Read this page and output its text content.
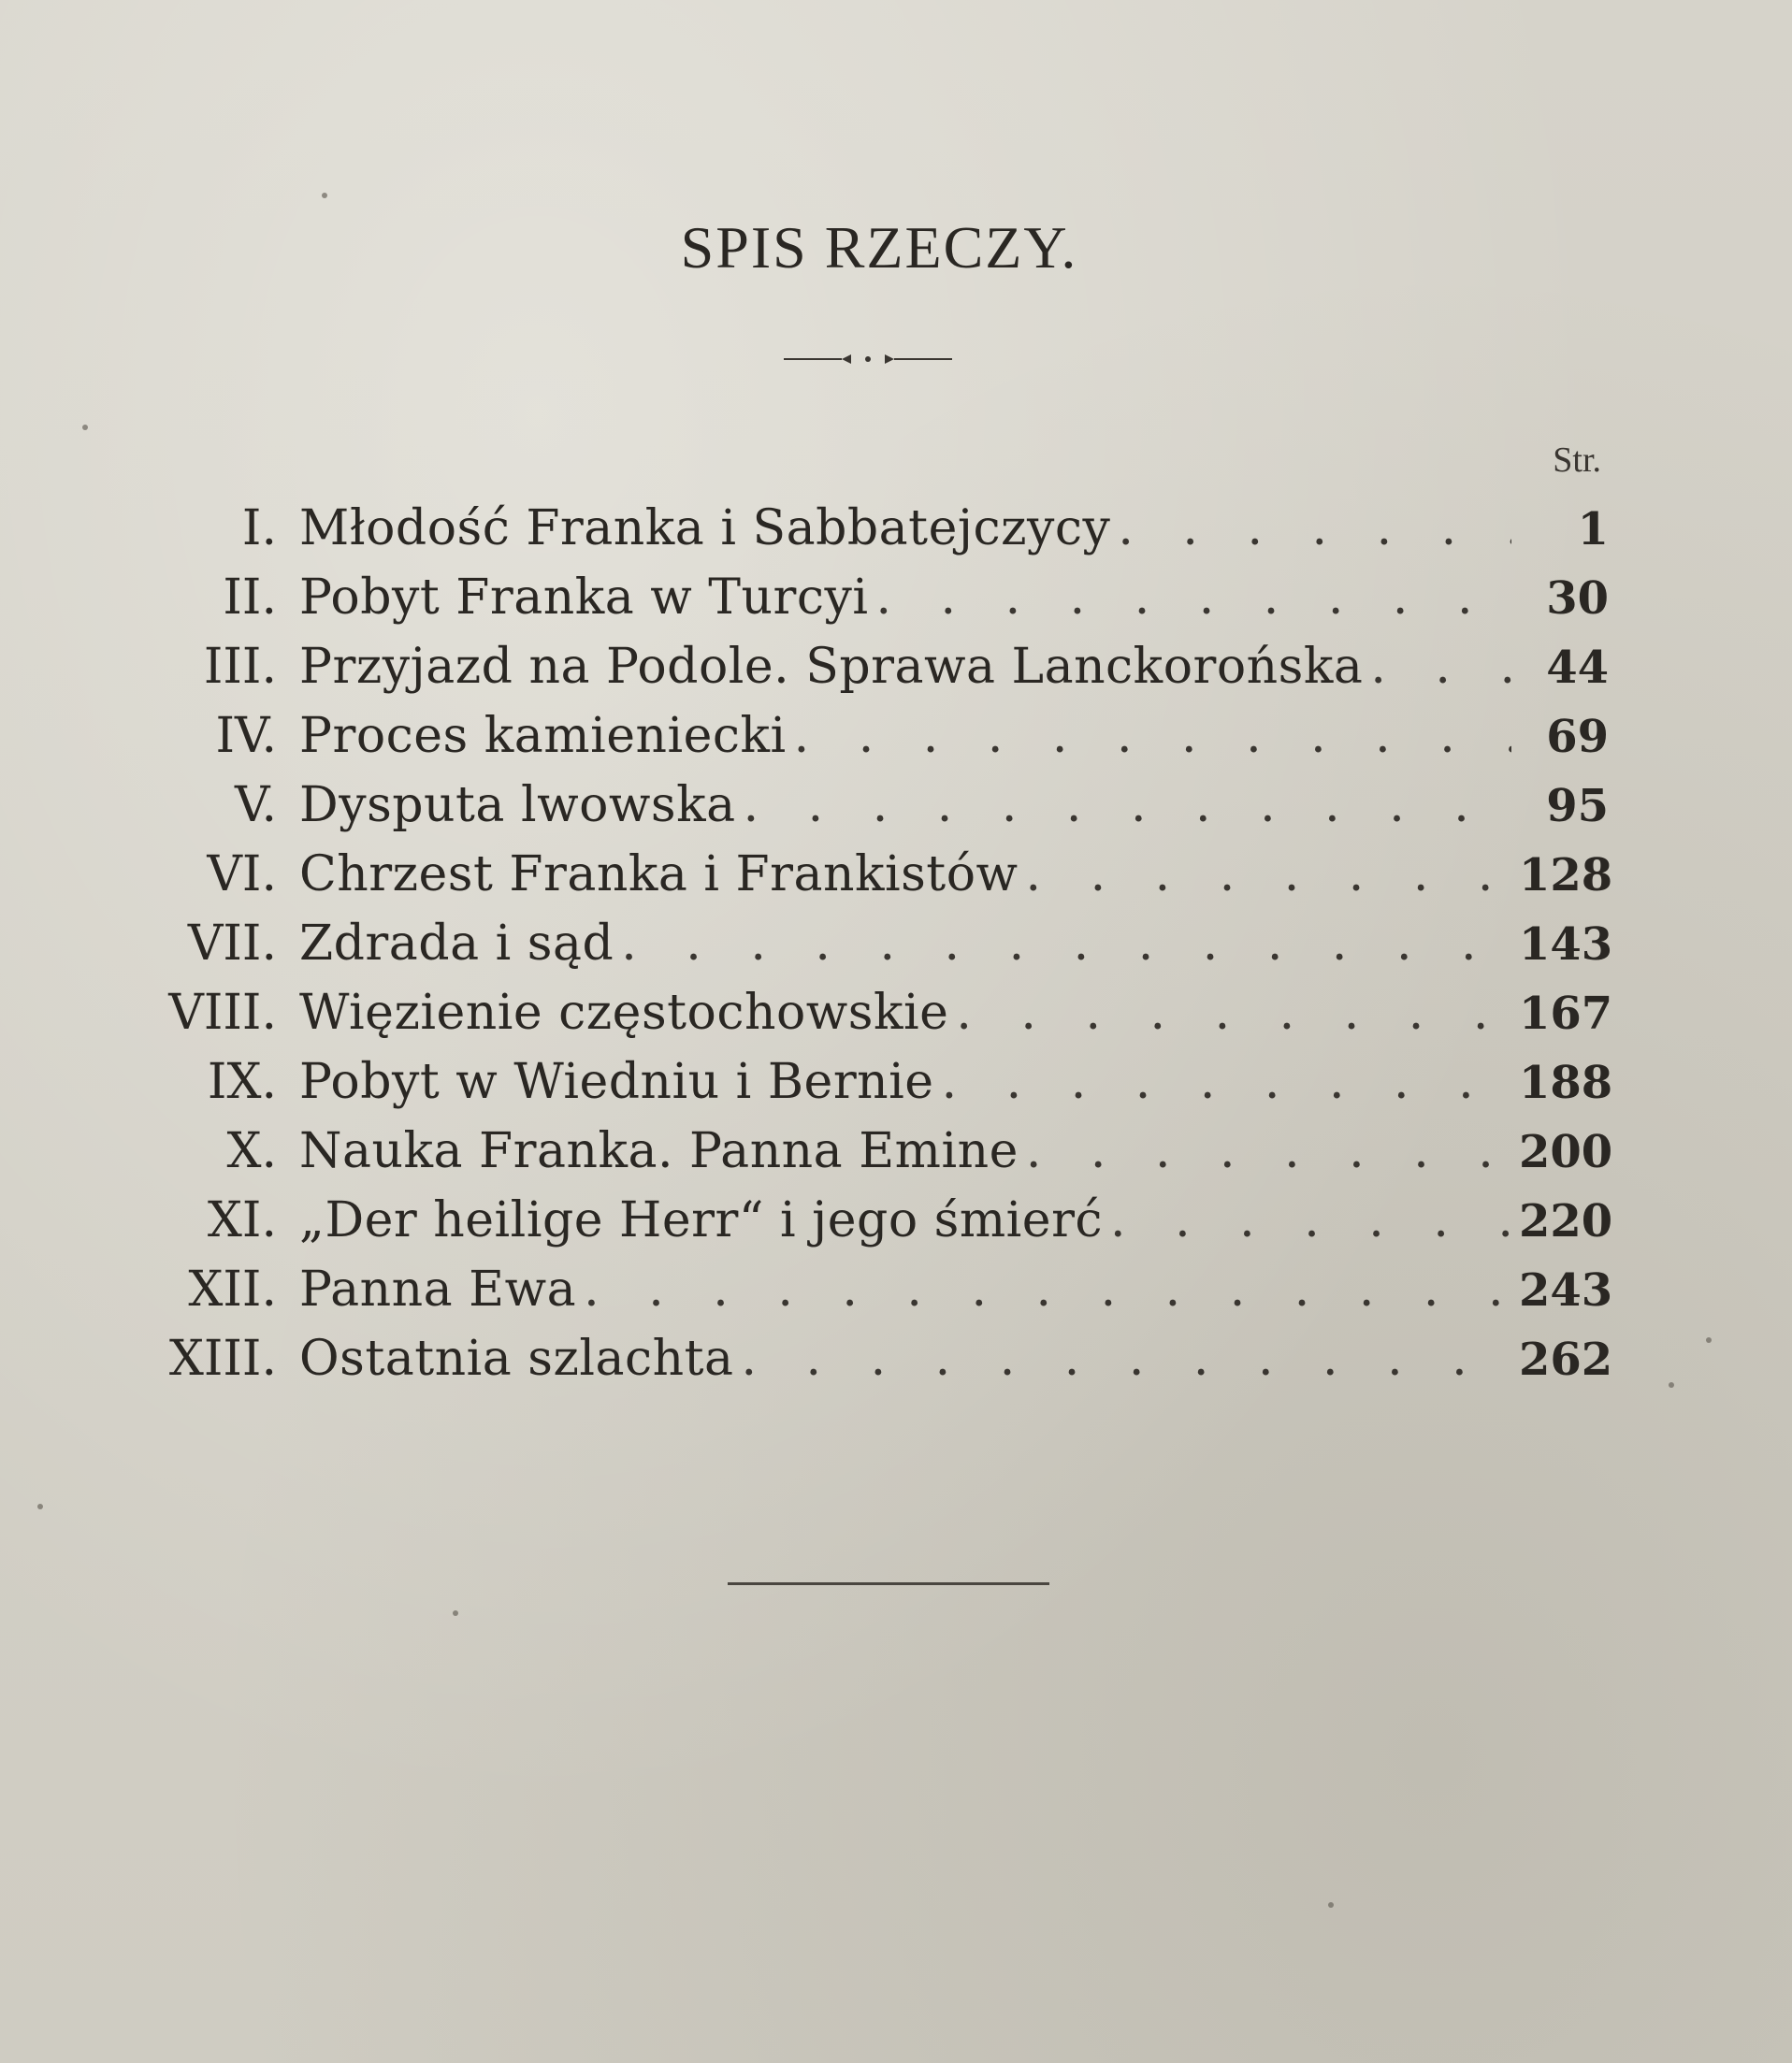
SPIS RZECZY.
Str.
I. Młodość Franka i Sabbatejczycy . . .	1
II. Pobyt Franka w Turcyi . . .	30
III. Przyjazd na Podole. Sprawa Lanckorońska . . .	44
IV. Proces kamieniecki . . .	69
V. Dysputa lwowska . . .	95
VI. Chrzest Franka i Frankistów . . .	128
VII. Zdrada i sąd . . .	143
VIII. Więzienie częstochowskie . . .	167
IX. Pobyt w Wiedniu i Bernie . . .	188
X. Nauka Franka. Panna Emine . . .	200
XI. „Der heilige Herr“ i jego śmierć . . .	220
XII. Panna Ewa . . .	243
XIII. Ostatnia szlachta . . .	262
